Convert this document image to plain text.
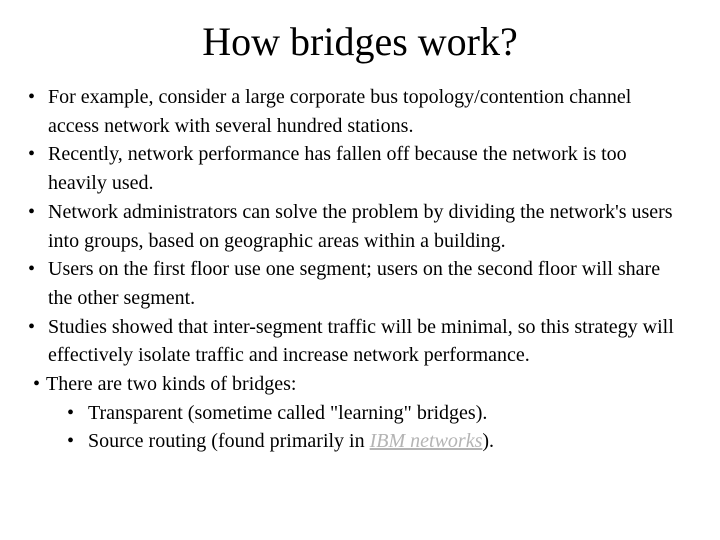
How bridges work?
• For example, consider a large corporate bus topology/contention channel access network with several hundred stations.
• Recently, network performance has fallen off because the network is too heavily used.
• Network administrators can solve the problem by dividing the network's users into groups, based on geographic areas within a building.
• Users on the first floor use one segment; users on the second floor will share the other segment.
• Studies showed that inter-segment traffic will be minimal, so this strategy will effectively isolate traffic and increase network performance.
• There are two kinds of bridges:
• Transparent (sometime called "learning" bridges).
• Source routing (found primarily in IBM networks).
